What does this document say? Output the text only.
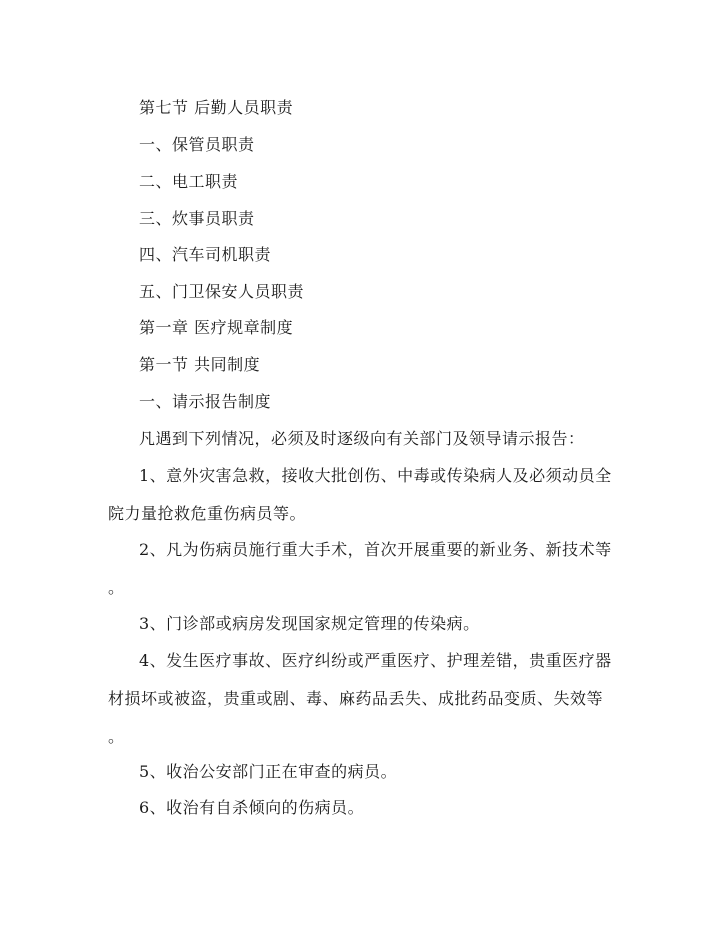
第七节 后勤人员职责
一、保管员职责
二、电工职责
三、炊事员职责
四、汽车司机职责
五、门卫保安人员职责
第一章 医疗规章制度
第一节 共同制度
一、请示报告制度
凡遇到下列情况，必须及时逐级向有关部门及领导请示报告：
1、意外灾害急救，接收大批创伤、中毒或传染病人及必须动员全
院力量抢救危重伤病员等。
2、凡为伤病员施行重大手术，首次开展重要的新业务、新技术等
。
3、门诊部或病房发现国家规定管理的传染病。
4、发生医疗事故、医疗纠纷或严重医疗、护理差错，贵重医疗器
材损坏或被盗，贵重或剧、毒、麻药品丢失、成批药品变质、失效等
。
5、收治公安部门正在审查的病员。
6、收治有自杀倾向的伤病员。
